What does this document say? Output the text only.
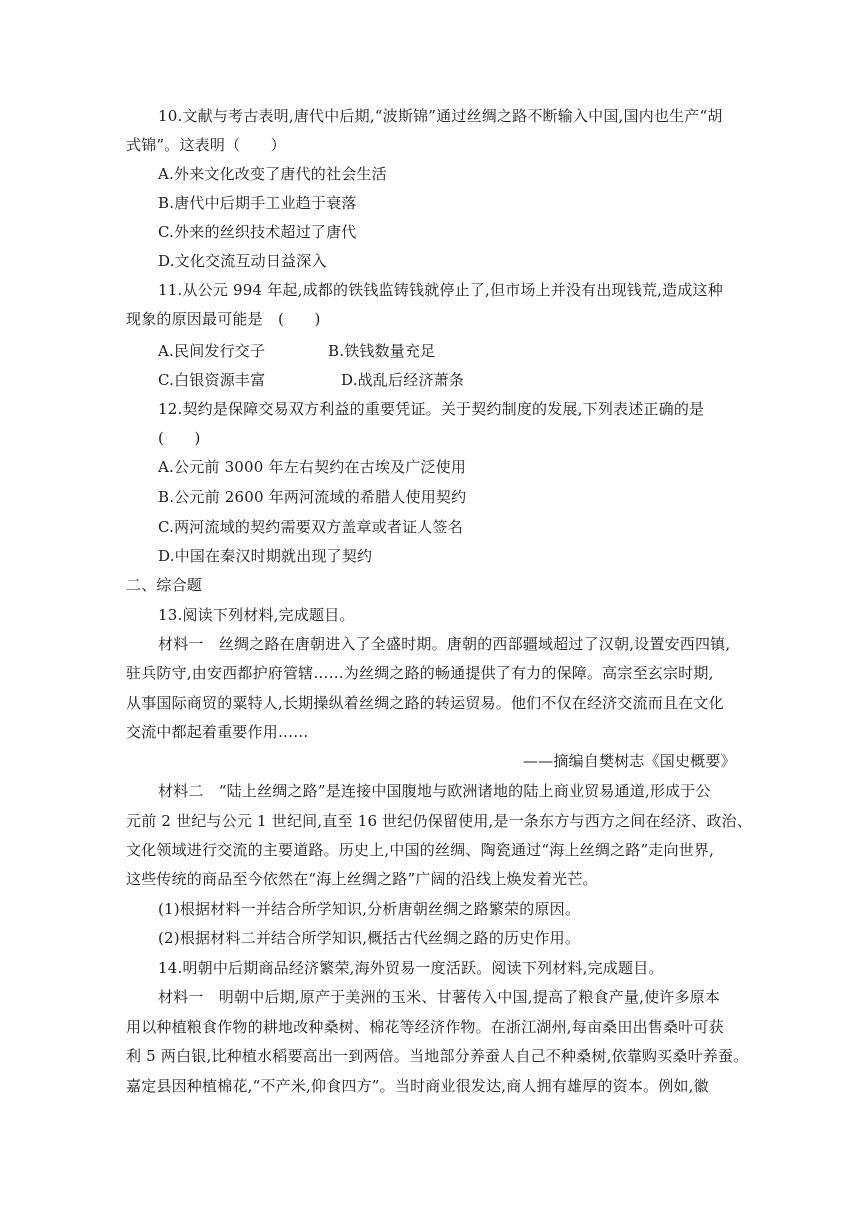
10.文献与考古表明,唐代中后期,“波斯锦”通过丝绸之路不断输入中国,国内也生产“胡
式锦”。这表明（　　）
A.外来文化改变了唐代的社会生活
B.唐代中后期手工业趋于衰落
C.外来的丝织技术超过了唐代
D.文化交流互动日益深入
11.从公元 994 年起,成都的铁钱监铸钱就停止了,但市场上并没有出现钱荒,造成这种
现象的原因最可能是　(　　)
A.民间发行交子	B.铁钱数量充足
C.白银资源丰富	D.战乱后经济萧条
12.契约是保障交易双方利益的重要凭证。关于契约制度的发展,下列表述正确的是
(　　)
A.公元前 3000 年左右契约在古埃及广泛使用
B.公元前 2600 年两河流域的希腊人使用契约
C.两河流域的契约需要双方盖章或者证人签名
D.中国在秦汉时期就出现了契约
二、综合题
13.阅读下列材料,完成题目。
材料一　丝绸之路在唐朝进入了全盛时期。唐朝的西部疆域超过了汉朝,设置安西四镇,
驻兵防守,由安西都护府管辖……为丝绸之路的畅通提供了有力的保障。高宗至玄宗时期,
从事国际商贸的粟特人,长期操纵着丝绸之路的转运贸易。他们不仅在经济交流而且在文化
交流中都起着重要作用……
——摘编自樊树志《国史概要》
材料二　“陆上丝绸之路”是连接中国腹地与欧洲诸地的陆上商业贸易通道,形成于公
元前 2 世纪与公元 1 世纪间,直至 16 世纪仍保留使用,是一条东方与西方之间在经济、政治、
文化领域进行交流的主要道路。历史上,中国的丝绸、陶瓷通过“海上丝绸之路”走向世界,
这些传统的商品至今依然在“海上丝绸之路”广阔的沿线上焕发着光芒。
(1)根据材料一并结合所学知识,分析唐朝丝绸之路繁荣的原因。
(2)根据材料二并结合所学知识,概括古代丝绸之路的历史作用。
14.明朝中后期商品经济繁荣,海外贸易一度活跃。阅读下列材料,完成题目。
材料一　明朝中后期,原产于美洲的玉米、甘薯传入中国,提高了粮食产量,使许多原本
用以种植粮食作物的耕地改种桑树、棉花等经济作物。在浙江湖州,每亩桑田出售桑叶可获
利 5 两白银,比种植水稻要高出一到两倍。当地部分养蚕人自己不种桑树,依靠购买桑叶养蚕。
嘉定县因种植棉花,“不产米,仰食四方”。当时商业很发达,商人拥有雄厚的资本。例如,徽
